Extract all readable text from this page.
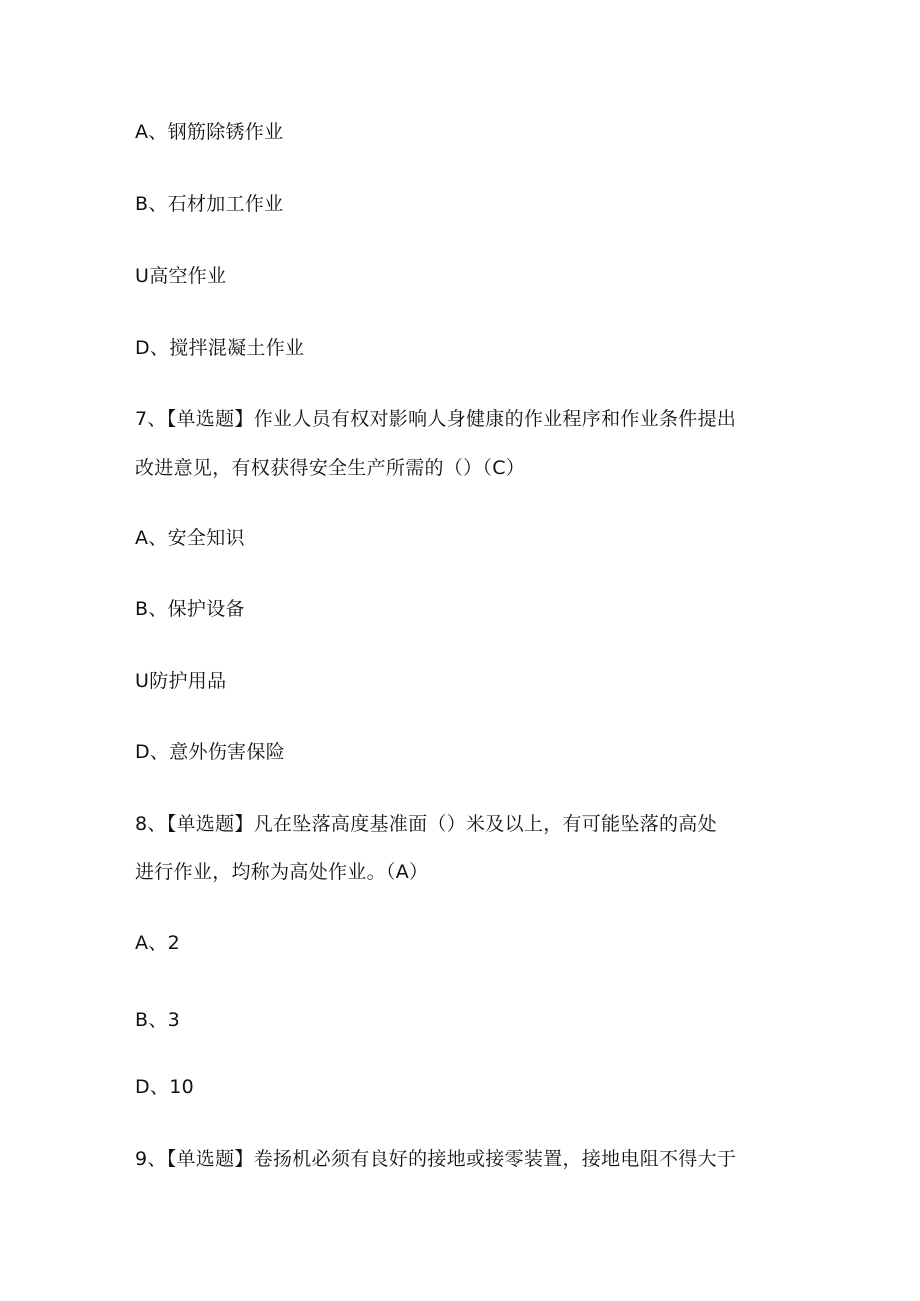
A、钢筋除锈作业
B、石材加工作业
U高空作业
D、搅拌混凝土作业
7、【单选题】作业人员有权对影响人身健康的作业程序和作业条件提出
改进意见，有权获得安全生产所需的（）（C）
A、安全知识
B、保护设备
U防护用品
D、意外伤害保险
8、【单选题】凡在坠落高度基准面（）米及以上，有可能坠落的高处
进行作业，均称为高处作业。（A）
A、2
B、3
D、10
9、【单选题】卷扬机必须有良好的接地或接零装置，接地电阻不得大于
